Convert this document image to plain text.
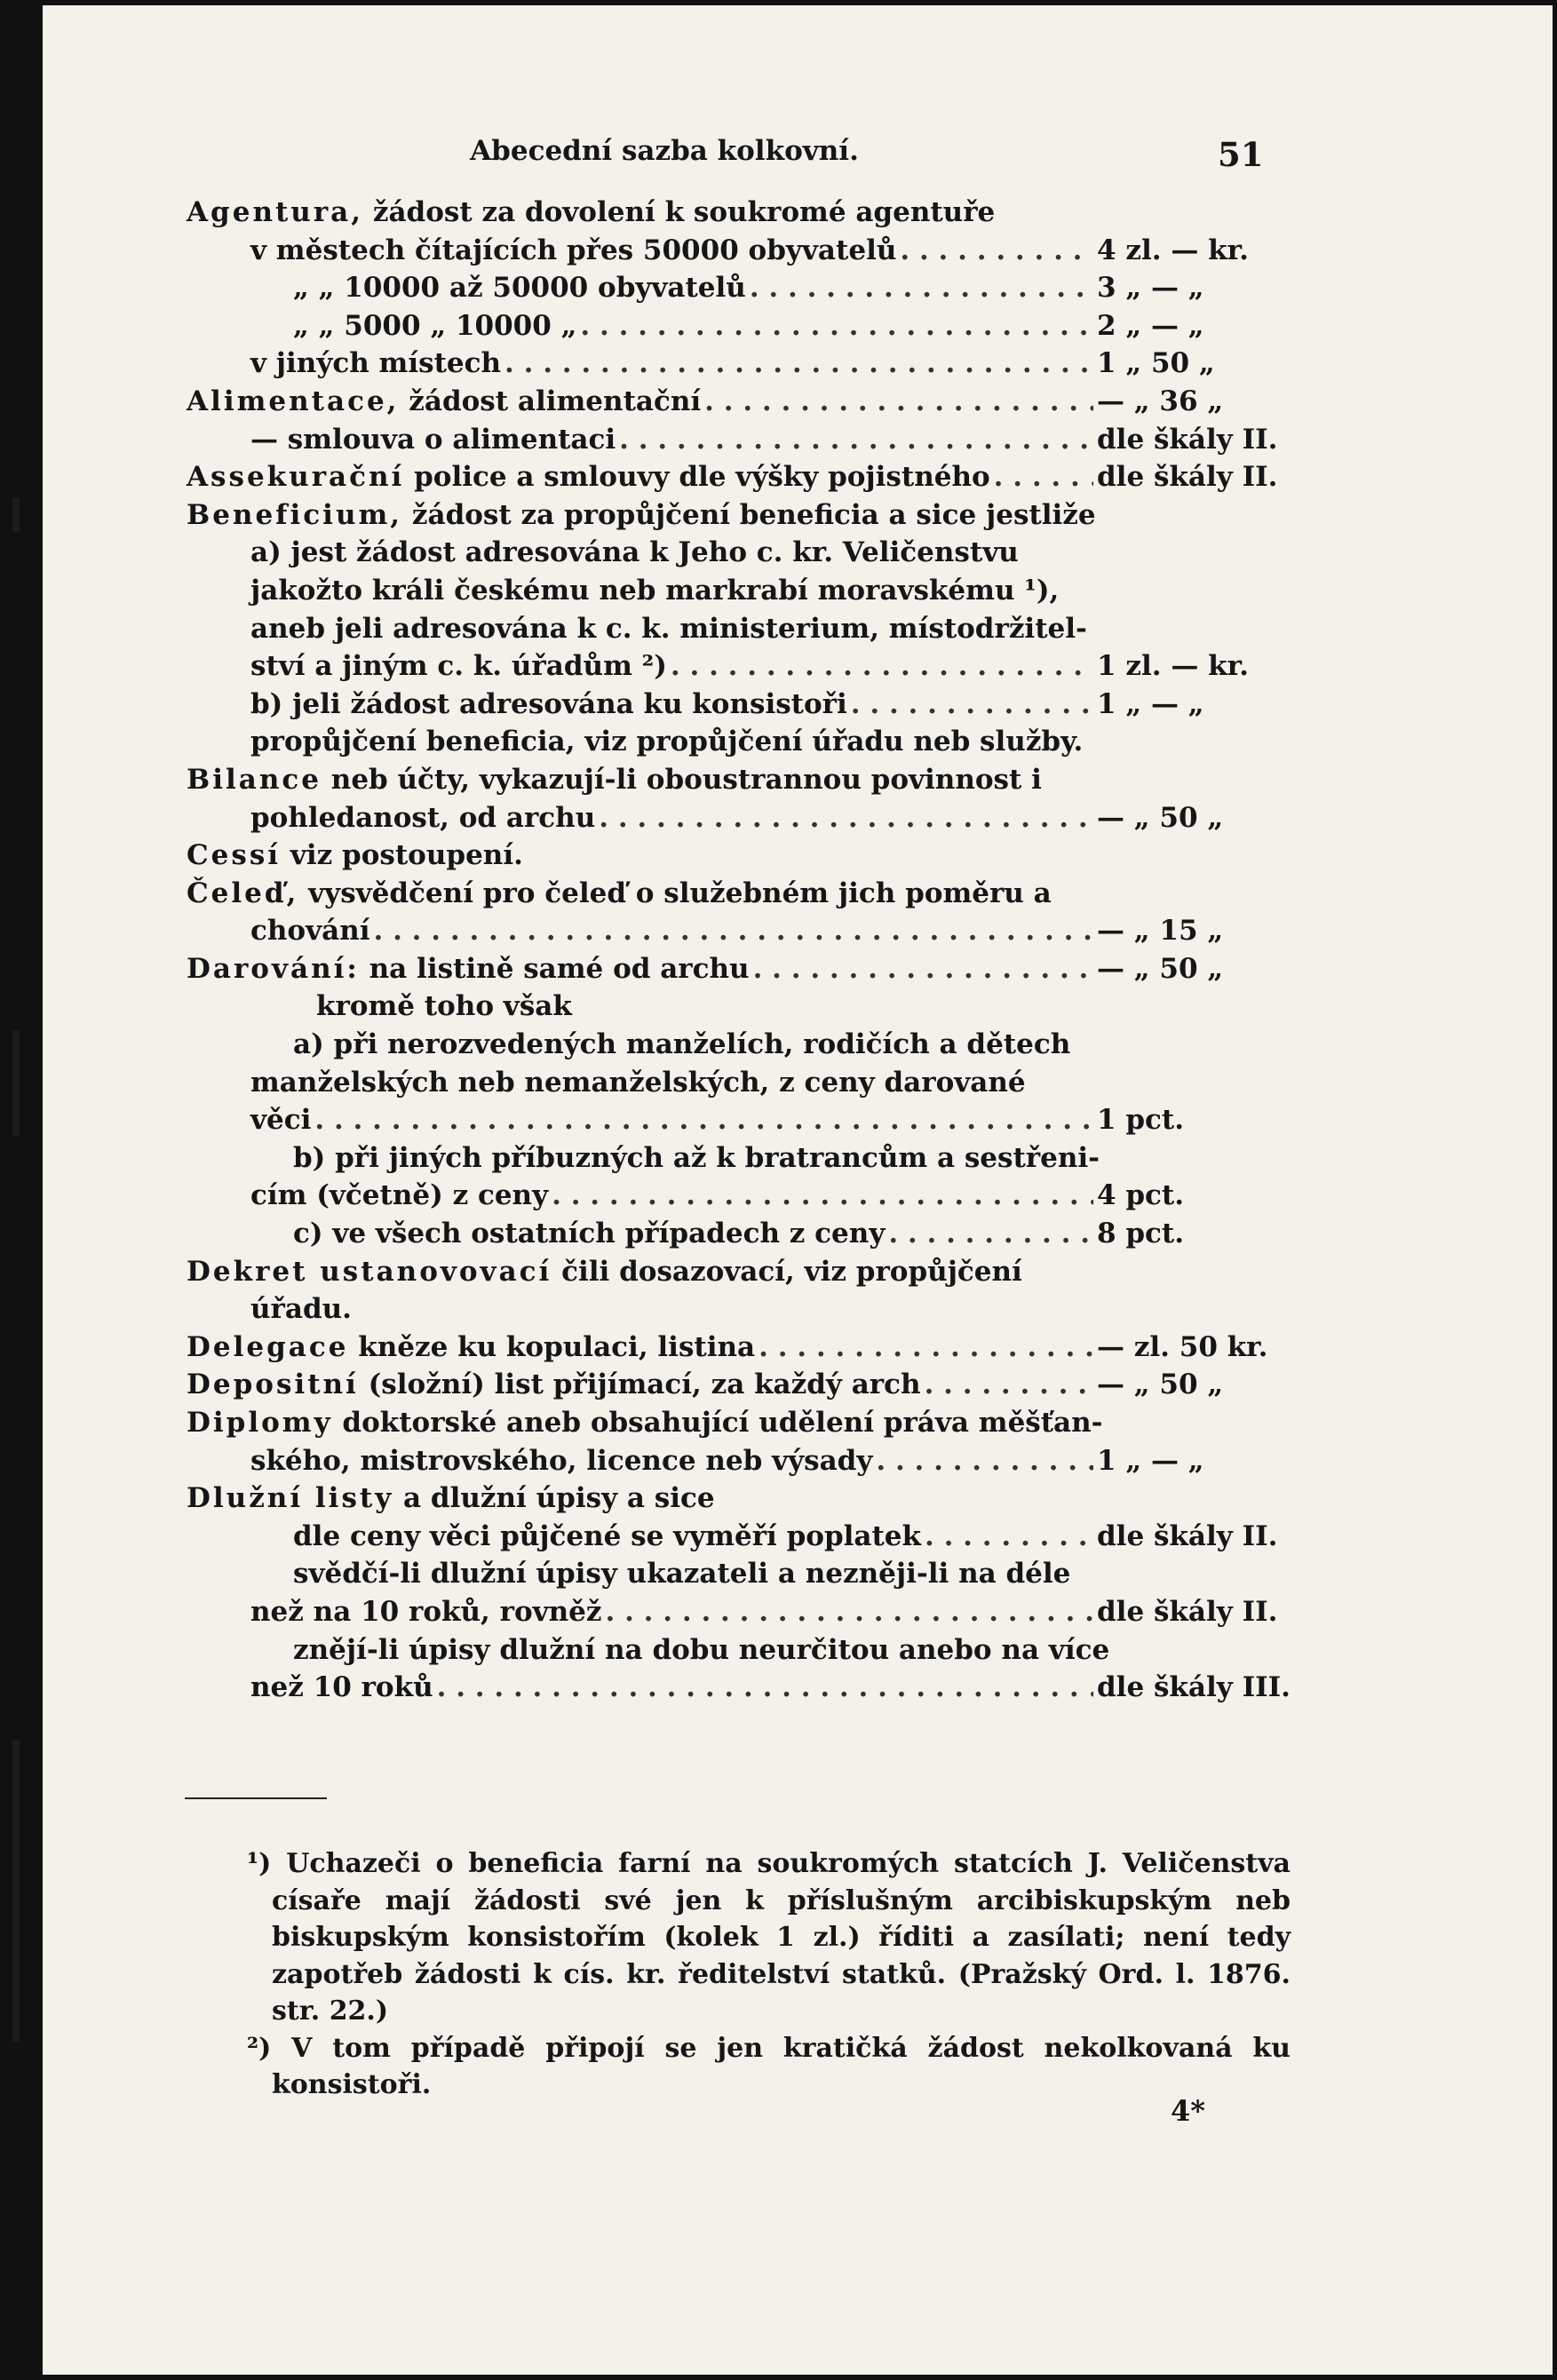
Abecední sazba kolkovní.	51
Agentura, žádost za dovolení k soukromé agentuře
v městech čítajících přes 50000 obyvatelů . . .	4 zl. — kr.
„ „ 10000 až 50000 obyvatelů . . .	3 „ — „
„ „ 5000 „ 10000 „ . . .	2 „ — „
v jiných místech . . .	1 „ 50 „
Alimentace, žádost alimentační . . .	— „ 36 „
— smlouva o alimentaci . . .	dle škály II.
Assekurační police a smlouvy dle výšky pojistného . . .	dle škály II.
Beneficium, žádost za propůjčení beneficia a sice jestliže
a) jest žádost adresována k Jeho c. kr. Veličenstvu
jakožto králi českému neb markrabí moravskému ¹),
aneb jeli adresována k c. k. ministerium, místodržitel-
ství a jiným c. k. úřadům ²) . . .	1 zl. — kr.
b) jeli žádost adresována ku konsistoři . . .	1 „ — „
propůjčení beneficia, viz propůjčení úřadu neb služby.
Bilance neb účty, vykazují-li oboustrannou povinnost i
pohledanost, od archu . . .	— „ 50 „
Cessí viz postoupení.
Čeleď, vysvědčení pro čeleď o služebném jich poměru a
chování . . .	— „ 15 „
Darování: na listině samé od archu . . .	— „ 50 „
kromě toho však
a) při nerozvedených manželích, rodičích a dětech
manželských neb nemanželských, z ceny darované
věci . . .	1 pct.
b) při jiných příbuzných až k bratrancům a sestřeni-
cím (včetně) z ceny . . .	4 pct.
c) ve všech ostatních případech z ceny . . .	8 pct.
Dekret ustanovovací čili dosazovací, viz propůjčení
úřadu.
Delegace kněze ku kopulaci, listina . . .	— zl. 50 kr.
Depositní (složní) list přijímací, za každý arch . . .	— „ 50 „
Diplomy doktorské aneb obsahující udělení práva měšťan-
ského, mistrovského, licence neb výsady . . .	1 „ — „
Dlužní listy a dlužní úpisy a sice
dle ceny věci půjčené se vyměří poplatek . . .	dle škály II.
svědčí-li dlužní úpisy ukazateli a nezněji-li na déle
než na 10 roků, rovněž . . .	dle škály II.
znějí-li úpisy dlužní na dobu neurčitou anebo na více
než 10 roků . . .	dle škály III.
¹) Uchazeči o beneficia farní na soukromých statcích J. Veličenstva císaře mají žádosti své jen k příslušným arcibiskupským neb biskupským konsistořím (kolek 1 zl.) říditi a zasílati; není tedy zapotřeb žádosti k cís. kr. ředitelství statků. (Pražský Ord. l. 1876. str. 22.)
²) V tom případě připojí se jen kratičká žádost nekolkovaná ku konsistoři.
4*
